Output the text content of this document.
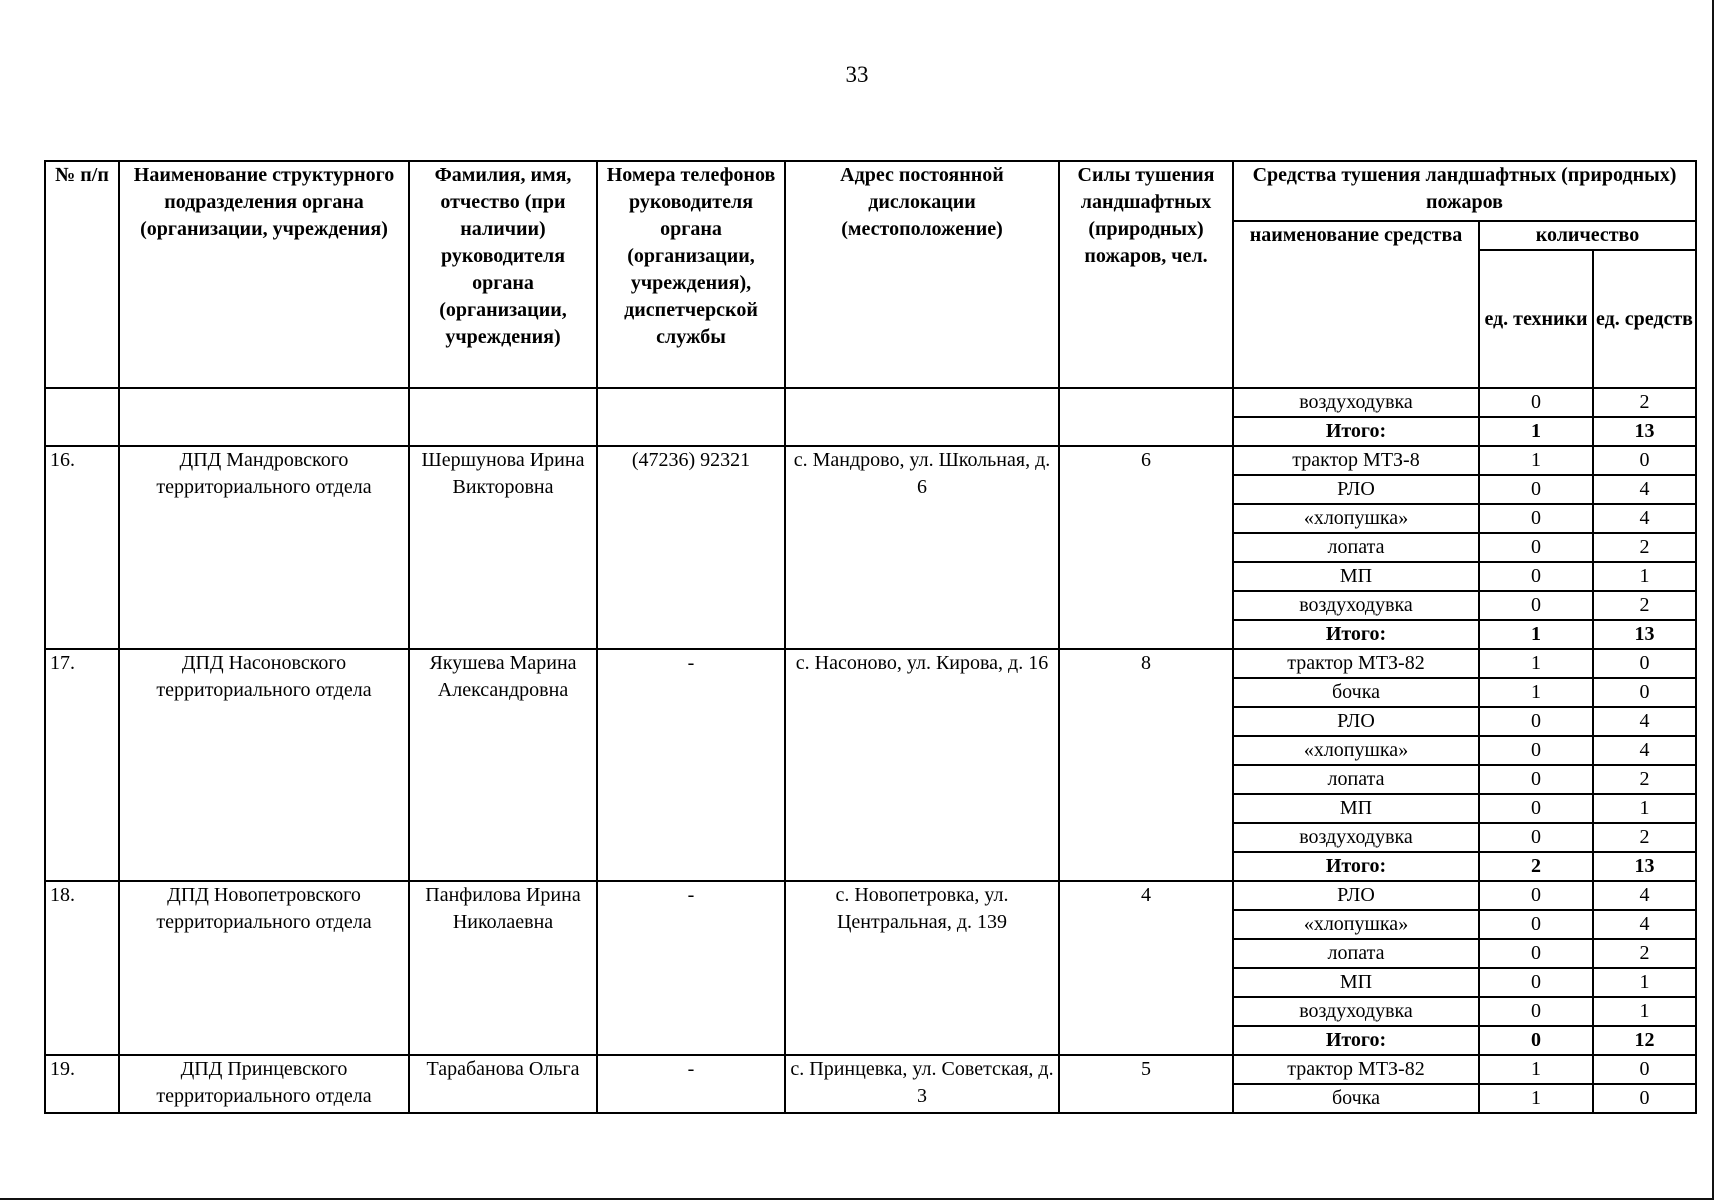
33
№ п/п	Наименование структурного подразделения органа (организации, учреждения)	Фамилия, имя, отчество (при наличии) руководителя органа (организации, учреждения)	Номера телефонов руководителя органа (организации, учреждения), диспетчерской службы	Адрес постоянной дислокации (местоположение)	Силы тушения ландшафтных (природных) пожаров, чел.	Средства тушения ландшафтных (природных) пожаров		
						наименование средства	количество	
							ед. техники	ед. средств
						воздуходувка	0	2
						Итого:	1	13
16.	ДПД Мандровского территориального отдела	Шершунова Ирина Викторовна	(47236) 92321	с. Мандрово, ул. Школьная, д. 6	6	трактор МТЗ-8	1	0
						РЛО	0	4
						«хлопушка»	0	4
						лопата	0	2
						МП	0	1
						воздуходувка	0	2
						Итого:	1	13
17.	ДПД Насоновского территориального отдела	Якушева Марина Александровна	-	с. Насоново, ул. Кирова, д. 16	8	трактор МТЗ-82	1	0
						бочка	1	0
						РЛО	0	4
						«хлопушка»	0	4
						лопата	0	2
						МП	0	1
						воздуходувка	0	2
						Итого:	2	13
18.	ДПД Новопетровского территориального отдела	Панфилова Ирина Николаевна	-	с. Новопетровка, ул. Центральная, д. 139	4	РЛО	0	4
						«хлопушка»	0	4
						лопата	0	2
						МП	0	1
						воздуходувка	0	1
						Итого:	0	12
19.	ДПД Принцевского территориального отдела	Тарабанова Ольга	-	с. Принцевка, ул. Советская, д. 3	5	трактор МТЗ-82	1	0
						бочка	1	0
